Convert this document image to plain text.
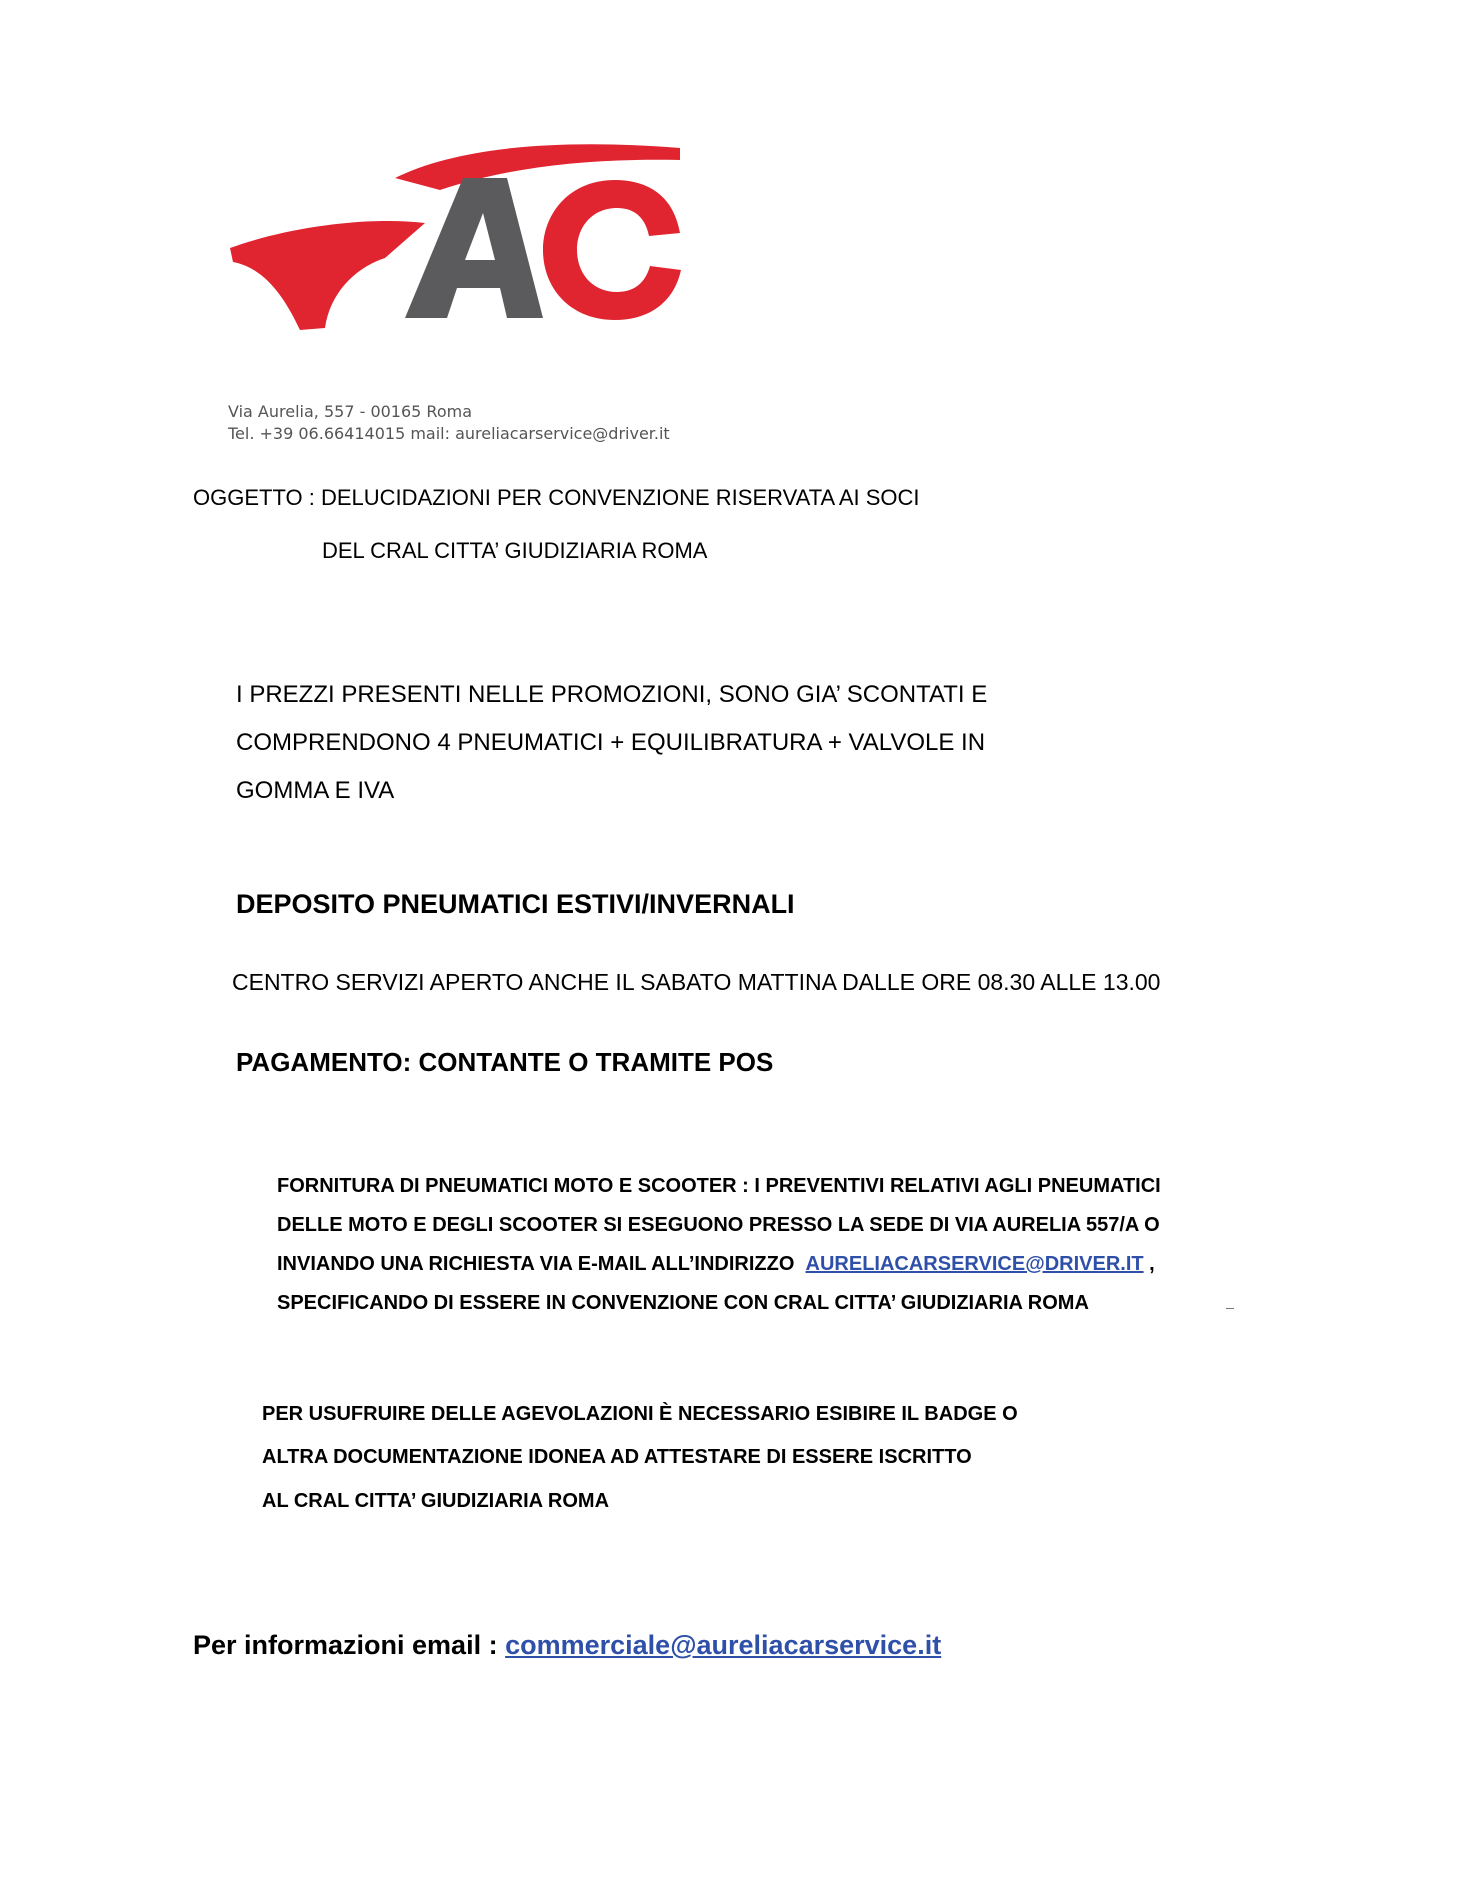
Via Aurelia, 557 - 00165 Roma
Tel. +39 06.66414015 mail: aureliacarservice@driver.it
OGGETTO : DELUCIDAZIONI PER CONVENZIONE RISERVATA AI SOCI
DEL CRAL CITTA’ GIUDIZIARIA ROMA
I PREZZI PRESENTI NELLE PROMOZIONI, SONO GIA’ SCONTATI E
COMPRENDONO 4 PNEUMATICI + EQUILIBRATURA + VALVOLE IN
GOMMA E IVA
DEPOSITO PNEUMATICI ESTIVI/INVERNALI
CENTRO SERVIZI APERTO ANCHE IL SABATO MATTINA DALLE ORE 08.30 ALLE 13.00
PAGAMENTO: CONTANTE O TRAMITE POS
FORNITURA DI PNEUMATICI MOTO E SCOOTER : I PREVENTIVI RELATIVI AGLI PNEUMATICI
DELLE MOTO E DEGLI SCOOTER SI ESEGUONO PRESSO LA SEDE DI VIA AURELIA 557/A O
INVIANDO UNA RICHIESTA VIA E-MAIL ALL’INDIRIZZO AURELIACARSERVICE@DRIVER.IT ,
SPECIFICANDO DI ESSERE IN CONVENZIONE CON CRAL CITTA’ GIUDIZIARIA ROMA
PER USUFRUIRE DELLE AGEVOLAZIONI È NECESSARIO ESIBIRE IL BADGE O
ALTRA DOCUMENTAZIONE IDONEA AD ATTESTARE DI ESSERE ISCRITTO
AL CRAL CITTA’ GIUDIZIARIA ROMA
Per informazioni email : commerciale@aureliacarservice.it
